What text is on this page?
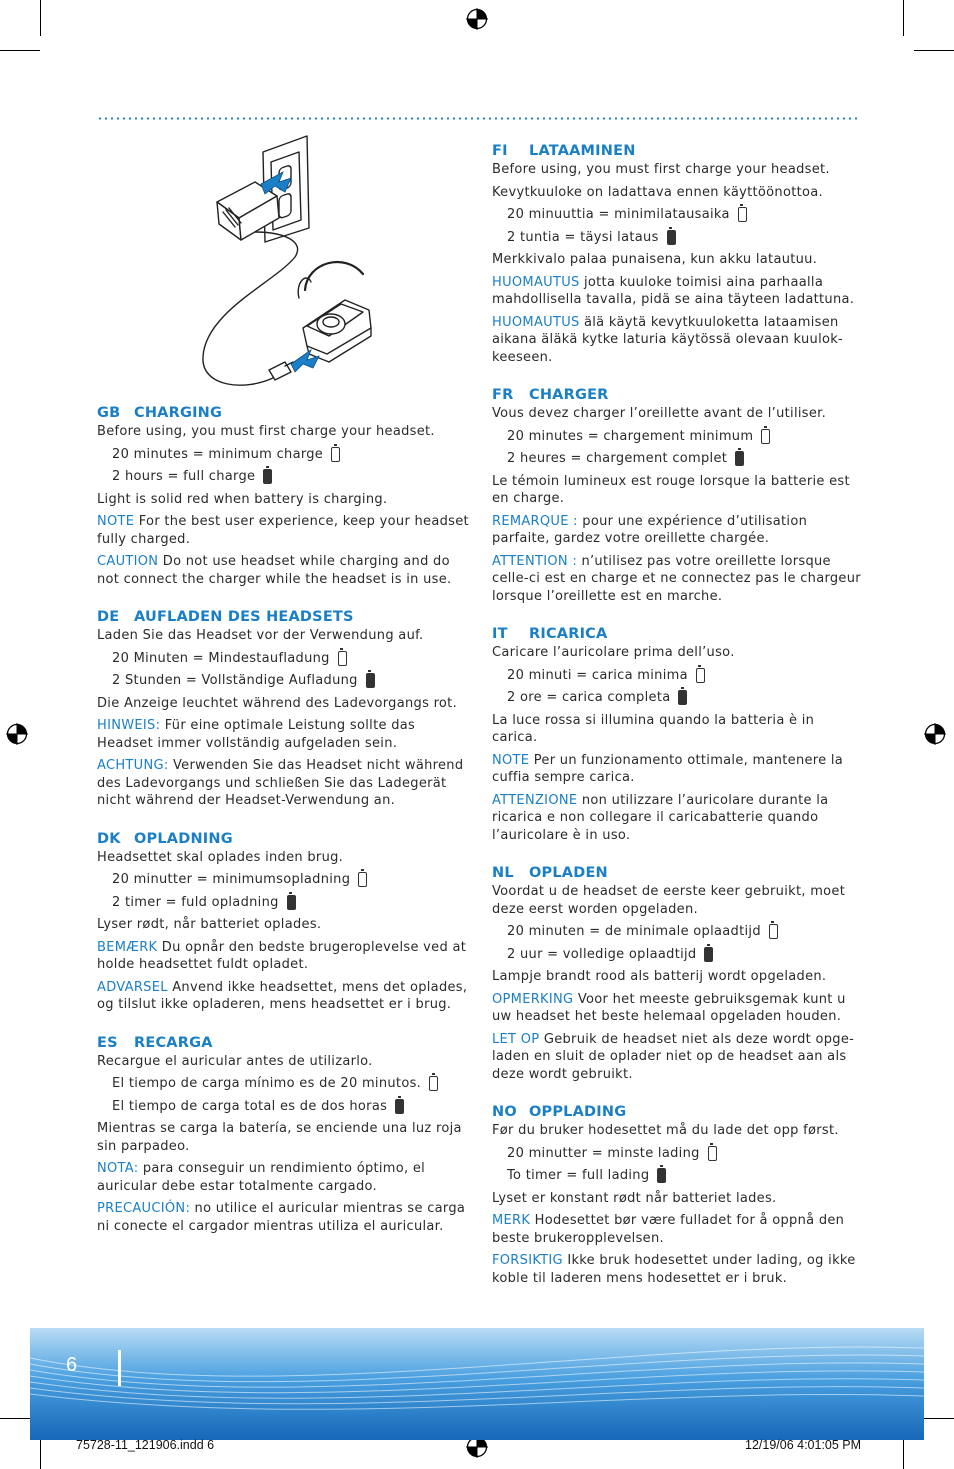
GB CHARGING

Before using, you must first charge your headset.

20 minutes = minimum charge
2 hours = full charge

Light is solid red when battery is charging.

NOTE For the best user experience, keep your headset fully charged.

CAUTION Do not use headset while charging and do not connect the charger while the headset is in use.

DE AUFLADEN DES HEADSETS

Laden Sie das Headset vor der Verwendung auf.

20 Minuten = Mindestaufladung
2 Stunden = Vollständige Aufladung

Die Anzeige leuchtet während des Ladevorgangs rot.

HINWEIS: Für eine optimale Leistung sollte das Headset immer vollständig aufgeladen sein.

ACHTUNG: Verwenden Sie das Headset nicht während des Ladevorgangs und schließen Sie das Ladegerät nicht während der Headset-Verwendung an.

DK OPLADNING

Headsettet skal oplades inden brug.

20 minutter = minimumsopladning
2 timer = fuld opladning

Lyser rødt, når batteriet oplades.

BEMÆRK Du opnår den bedste brugeroplevelse ved at holde headsettet fuldt opladet.

ADVARSEL Anvend ikke headsettet, mens det oplades, og tilslut ikke opladeren, mens headsettet er i brug.

ES RECARGA

Recargue el auricular antes de utilizarlo.

El tiempo de carga mínimo es de 20 minutos.
El tiempo de carga total es de dos horas

Mientras se carga la batería, se enciende una luz roja sin parpadeo.

NOTA: para conseguir un rendimiento óptimo, el auricular debe estar totalmente cargado.

PRECAUCIÓN: no utilice el auricular mientras se carga ni conecte el cargador mientras utiliza el auricular.

FI LATAAMINEN

Before using, you must first charge your headset.

Kevytkuuloke on ladattava ennen käyttöönottoa.

20 minuuttia = minimilatausaika
2 tuntia = täysi lataus

Merkkivalo palaa punaisena, kun akku latautuu.

HUOMAUTUS jotta kuuloke toimisi aina parhaalla mahdollisella tavalla, pidä se aina täyteen ladattuna.

HUOMAUTUS älä käytä kevytkuuloketta lataamisen aikana äläkä kytke laturia käytössä olevaan kuulok-keeseen.

FR CHARGER

Vous devez charger l’oreillette avant de l’utiliser.

20 minutes = chargement minimum
2 heures = chargement complet

Le témoin lumineux est rouge lorsque la batterie est en charge.

REMARQUE : pour une expérience d’utilisation parfaite, gardez votre oreillette chargée.

ATTENTION : n’utilisez pas votre oreillette lorsque celle-ci est en charge et ne connectez pas le chargeur lorsque l’oreillette est en marche.

IT RICARICA

Caricare l’auricolare prima dell’uso.

20 minuti = carica minima
2 ore = carica completa

La luce rossa si illumina quando la batteria è in carica.

NOTE Per un funzionamento ottimale, mantenere la cuffia sempre carica.

ATTENZIONE non utilizzare l’auricolare durante la ricarica e non collegare il caricabatterie quando l’auricolare è in uso.

NL OPLADEN

Voordat u de headset de eerste keer gebruikt, moet deze eerst worden opgeladen.

20 minuten = de minimale oplaadtijd
2 uur = volledige oplaadtijd

Lampje brandt rood als batterij wordt opgeladen.

OPMERKING Voor het meeste gebruiksgemak kunt u uw headset het beste helemaal opgeladen houden.

LET OP Gebruik de headset niet als deze wordt opge-laden en sluit de oplader niet op de headset aan als deze wordt gebruikt.

NO OPPLADING

Før du bruker hodesettet må du lade det opp først.

20 minutter = minste lading
To timer = full lading

Lyset er konstant rødt når batteriet lades.

MERK Hodesettet bør være fulladet for å oppnå den beste brukeropplevelsen.

FORSIKTIG Ikke bruk hodesettet under lading, og ikke koble til laderen mens hodesettet er i bruk.

6
75728-11_121906.indd 6	12/19/06 4:01:05 PM
